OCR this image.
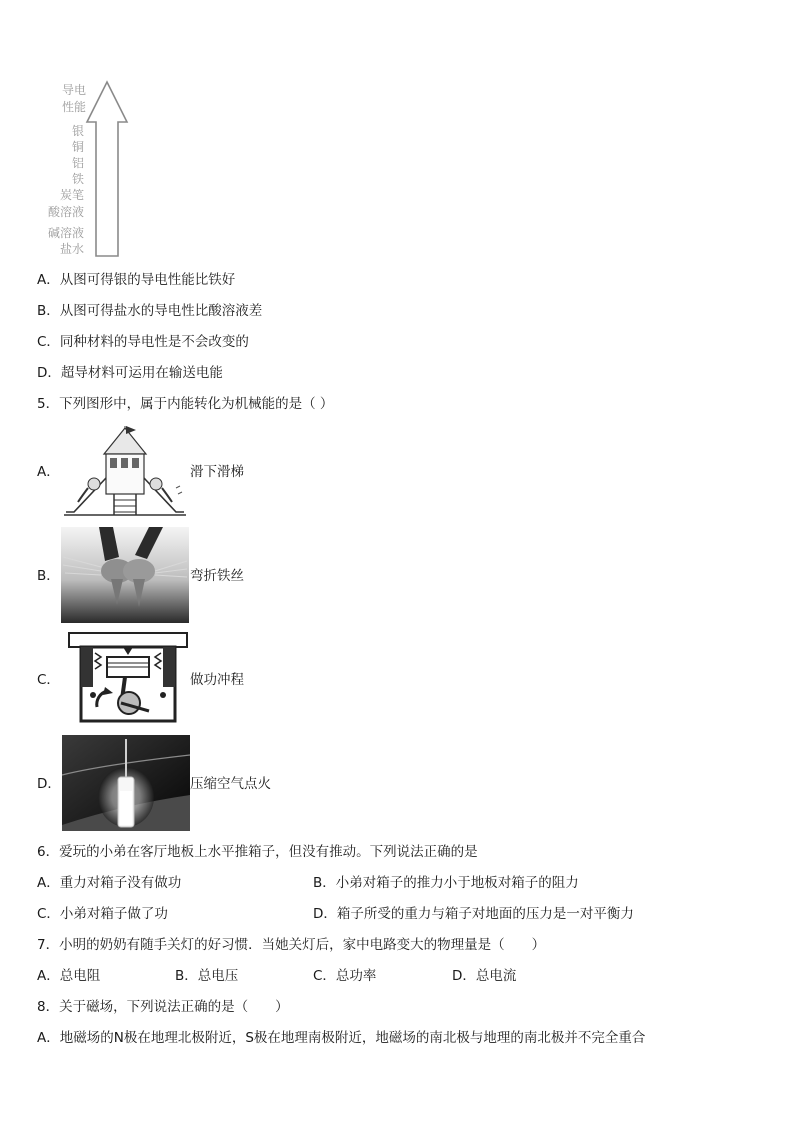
导电
性能
银
铜
铝
铁
炭笔
酸溶液
碱溶液
盐水
A．从图可得银的导电性能比铁好
B．从图可得盐水的导电性比酸溶液差
C．同种材料的导电性是不会改变的
D．超导材料可运用在输送电能
5．下列图形中，属于内能转化为机械能的是（ ）
A．	滑下滑梯
B．	弯折铁丝
C．	做功冲程
D．	压缩空气点火
6．爱玩的小弟在客厅地板上水平推箱子，但没有推动。下列说法正确的是
A．重力对箱子没有做功	B．小弟对箱子的推力小于地板对箱子的阻力
C．小弟对箱子做了功	D．箱子所受的重力与箱子对地面的压力是一对平衡力
7．小明的奶奶有随手关灯的好习惯．当她关灯后，家中电路变大的物理量是（　　）
A．总电阻	B．总电压	C．总功率	D．总电流
8．关于磁场，下列说法正确的是（　　）
A．地磁场的N极在地理北极附近，S极在地理南极附近，地磁场的南北极与地理的南北极并不完全重合
